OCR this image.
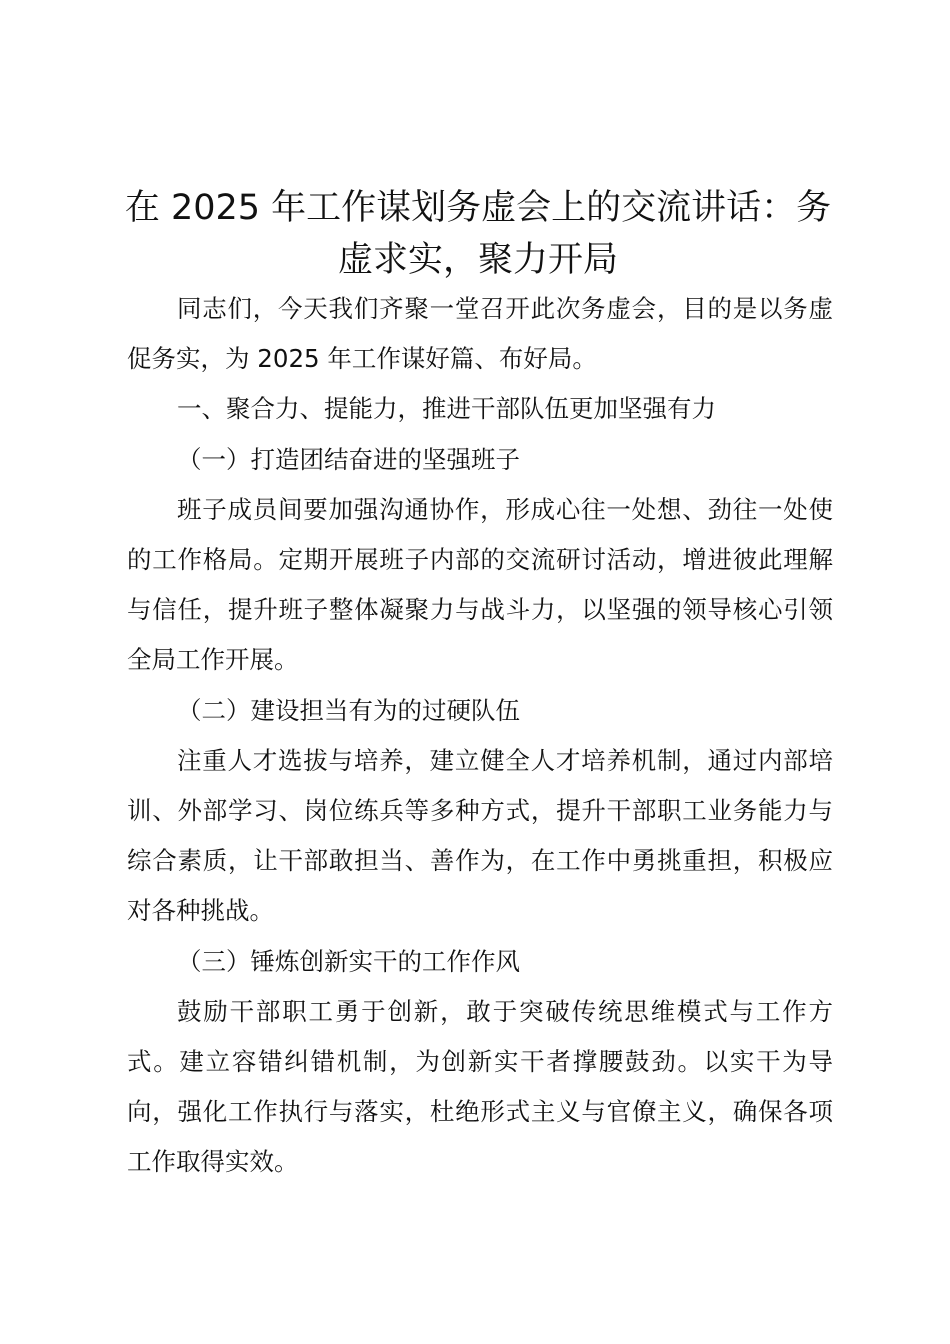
在 2025 年工作谋划务虚会上的交流讲话：务虚求实，聚力开局

同志们，今天我们齐聚一堂召开此次务虚会，目的是以务虚促务实，为 2025 年工作谋好篇、布好局。

一、聚合力、提能力，推进干部队伍更加坚强有力

（一）打造团结奋进的坚强班子

班子成员间要加强沟通协作，形成心往一处想、劲往一处使的工作格局。定期开展班子内部的交流研讨活动，增进彼此理解与信任，提升班子整体凝聚力与战斗力，以坚强的领导核心引领全局工作开展。

（二）建设担当有为的过硬队伍

注重人才选拔与培养，建立健全人才培养机制，通过内部培训、外部学习、岗位练兵等多种方式，提升干部职工业务能力与综合素质，让干部敢担当、善作为，在工作中勇挑重担，积极应对各种挑战。

（三）锤炼创新实干的工作作风

鼓励干部职工勇于创新，敢于突破传统思维模式与工作方式。建立容错纠错机制，为创新实干者撑腰鼓劲。以实干为导向，强化工作执行与落实，杜绝形式主义与官僚主义，确保各项工作取得实效。
